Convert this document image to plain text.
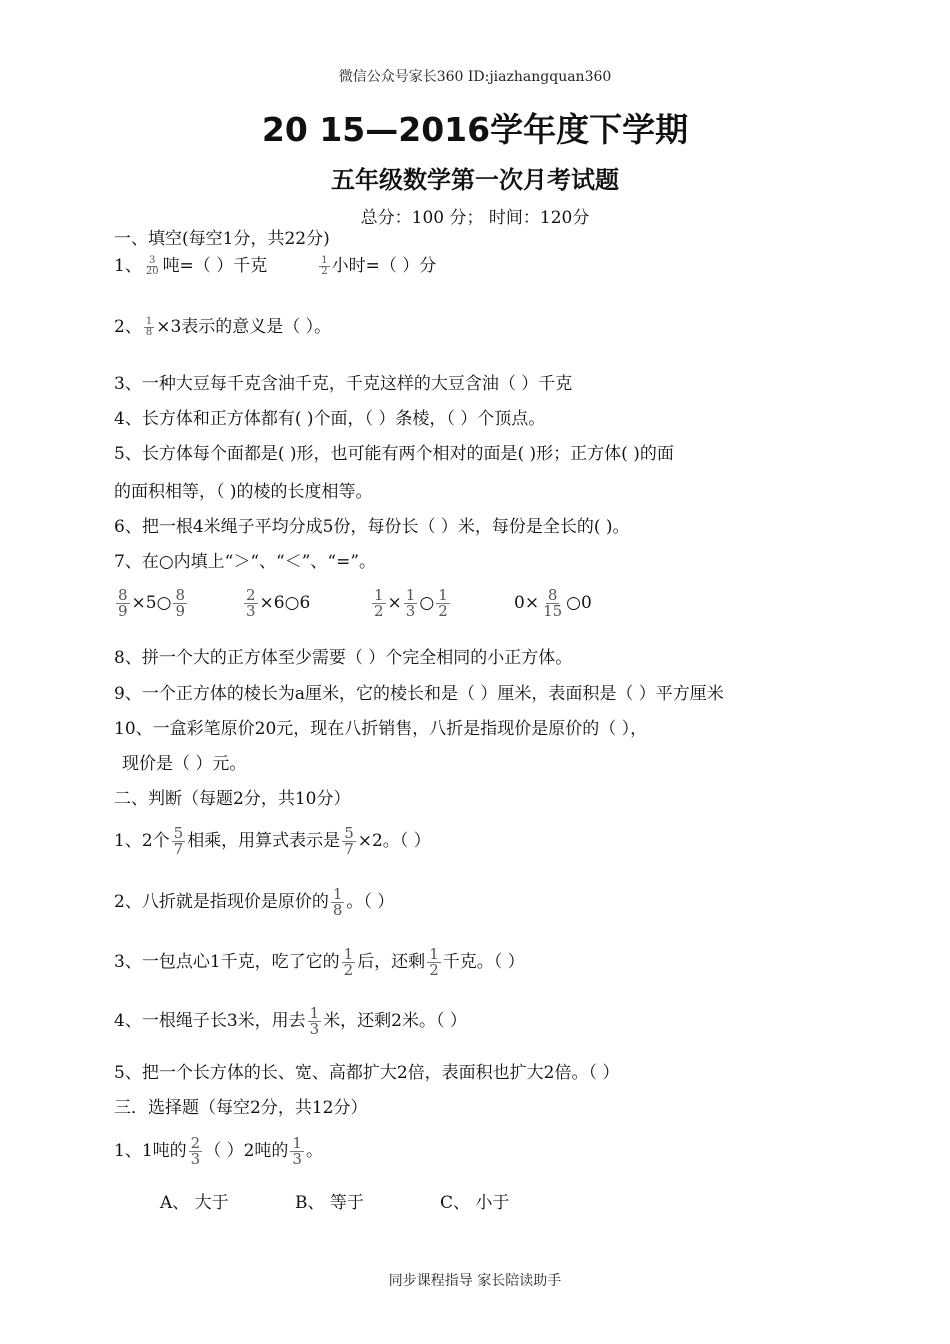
微信公众号家长360 ID:jiazhangquan360
20 15—2016学年度下学期
五年级数学第一次月考试题
总分：100 分； 时间：120分
一、填空(每空1分，共22分)
1、 $\frac{3}{20}$ 吨=（ ）千克	$\frac{1}{2}$ 小时=（ ）分
2、 $\frac{1}{8} \times 3$表示的意义是（ ）。
3、一种大豆每千克含油千克，千克这样的大豆含油（ ）千克
4、长方体和正方体都有( )个面，（ ）条棱，（ ）个顶点。
5、长方体每个面都是( )形，也可能有两个相对的面是( )形；正方体( )的面
的面积相等，（ )的棱的长度相等。
6、把一根4米绳子平均分成5份，每份长（ ）米，每份是全长的( )。
7、在○内填上“＞“、“＜”、“=”。
$\frac{8}{9}$ ×5○ $\frac{8}{9}$	$\frac{2}{3}$ ×6○6	$\frac{1}{2} \times \frac{1}{3}$ ○ $\frac{1}{2}$	$0\times \frac{8}{15}$ ○0
8、拼一个大的正方体至少需要（ ）个完全相同的小正方体。
9、一个正方体的棱长为a厘米，它的棱长和是（ ）厘米，表面积是（ ）平方厘米
10、一盒彩笔原价20元，现在八折销售，八折是指现价是原价的（ ），
现价是（ ）元。
二、判断（每题2分，共10分）
1、2个 $\frac{5}{7}$ 相乘，用算式表示是 $\frac{5}{7} \times 2$。（ ）
2、八折就是指现价是原价的 $\frac{1}{8}$ 。（ ）
3、一包点心1千克，吃了它的 $\frac{1}{2}$ 后，还剩 $\frac{1}{2}$ 千克。（ ）
4、一根绳子长3米，用去 $\frac{1}{3}$ 米，还剩2米。（ ）
5、把一个长方体的长、宽、高都扩大2倍，表面积也扩大2倍。（ ）
三．选择题（每空2分，共12分）
1、1吨的 $\frac{2}{3}$ （ ）2吨的 $\frac{1}{3}$ 。
A、 大于	B、 等于	C、 小于
同步课程指导 家长陪读助手
